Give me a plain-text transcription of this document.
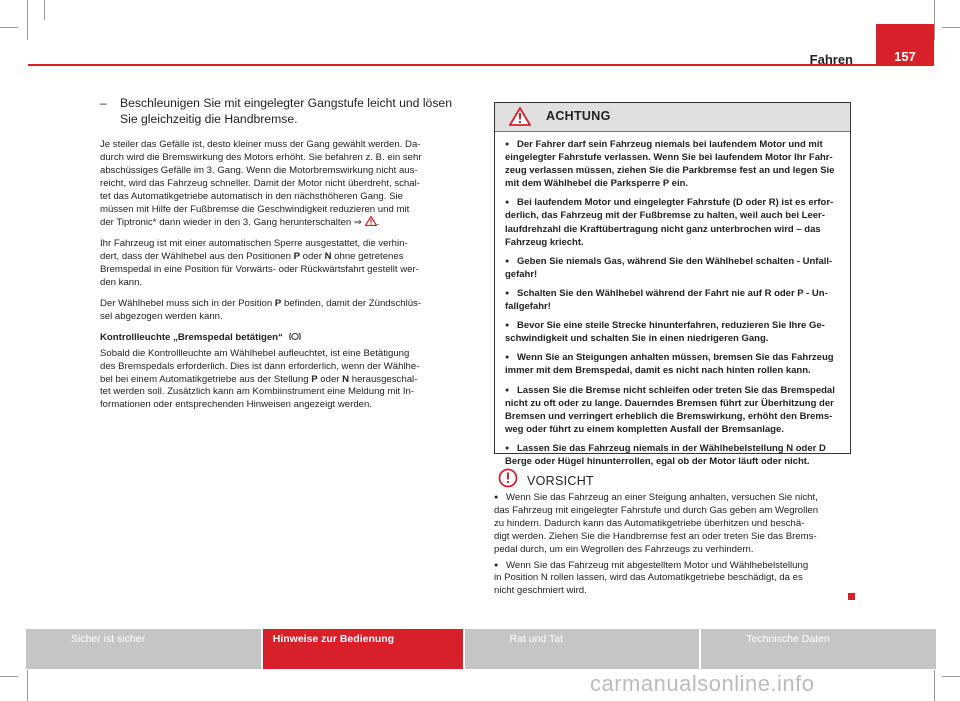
Fahren	157
–	Beschleunigen Sie mit eingelegter Gangstufe leicht und lösen
Sie gleichzeitig die Handbremse.

Je steiler das Gefälle ist, desto kleiner muss der Gang gewählt werden. Da-

durch wird die Bremswirkung des Motors erhöht. Sie befahren z. B. ein sehr

abschüssiges Gefälle im 3. Gang. Wenn die Motorbremswirkung nicht aus-

reicht, wird das Fahrzeug schneller. Damit der Motor nicht überdreht, schal-

tet das Automatikgetriebe automatisch in den nächsthöheren Gang. Sie

müssen mit Hilfe der Fußbremse die Geschwindigkeit reduzieren und mit

der Tiptronic* dann wieder in den 3. Gang herunterschalten ⇒ .

Ihr Fahrzeug ist mit einer automatischen Sperre ausgestattet, die verhin-

dert, dass der Wählhebel aus den Positionen P oder N ohne getretenes

Bremspedal in eine Position für Vorwärts- oder Rückwärtsfahrt gestellt wer-

den kann.

Der Wählhebel muss sich in der Position P befinden, damit der Zündschlüs-

sel abgezogen werden kann.

Kontrollleuchte „Bremspedal betätigen“

Sobald die Kontrollleuchte am Wählhebel aufleuchtet, ist eine Betätigung

des Bremspedals erforderlich. Dies ist dann erforderlich, wenn der Wählhe-

bel bei einem Automatikgetriebe aus der Stellung P oder N herausgeschal-

tet werden soll. Zusätzlich kann am Kombiinstrument eine Meldung mit In-

formationen oder entsprechenden Hinweisen angezeigt werden.

ACHTUNG

● Der Fahrer darf sein Fahrzeug niemals bei laufendem Motor und mit

eingelegter Fahrstufe verlassen. Wenn Sie bei laufendem Motor Ihr Fahr-

zeug verlassen müssen, ziehen Sie die Parkbremse fest an und legen Sie

mit dem Wählhebel die Parksperre P ein.

● Bei laufendem Motor und eingelegter Fahrstufe (D oder R) ist es erfor-

derlich, das Fahrzeug mit der Fußbremse zu halten, weil auch bei Leer-

laufdrehzahl die Kraftübertragung nicht ganz unterbrochen wird – das

Fahrzeug kriecht.

● Geben Sie niemals Gas, während Sie den Wählhebel schalten - Unfall-

gefahr!

● Schalten Sie den Wählhebel während der Fahrt nie auf R oder P - Un-

fallgefahr!

● Bevor Sie eine steile Strecke hinunterfahren, reduzieren Sie Ihre Ge-

schwindigkeit und schalten Sie in einen niedrigeren Gang.

● Wenn Sie an Steigungen anhalten müssen, bremsen Sie das Fahrzeug

immer mit dem Bremspedal, damit es nicht nach hinten rollen kann.

● Lassen Sie die Bremse nicht schleifen oder treten Sie das Bremspedal

nicht zu oft oder zu lange. Dauerndes Bremsen führt zur Überhitzung der

Bremsen und verringert erheblich die Bremswirkung, erhöht den Brems-

weg oder führt zu einem kompletten Ausfall der Bremsanlage.

● Lassen Sie das Fahrzeug niemals in der Wählhebelstellung N oder D

Berge oder Hügel hinunterrollen, egal ob der Motor läuft oder nicht.

VORSICHT

● Wenn Sie das Fahrzeug an einer Steigung anhalten, versuchen Sie nicht,

das Fahrzeug mit eingelegter Fahrstufe und durch Gas geben am Wegrollen

zu hindern. Dadurch kann das Automatikgetriebe überhitzen und beschä-

digt werden. Ziehen Sie die Handbremse fest an oder treten Sie das Brems-

pedal durch, um ein Wegrollen des Fahrzeugs zu verhindern.

● Wenn Sie das Fahrzeug mit abgestelltem Motor und Wählhebelstellung

in Position N rollen lassen, wird das Automatikgetriebe beschädigt, da es

nicht geschmiert wird.

Sicher ist sicher	Hinweise zur Bedienung	Rat und Tat	Technische Daten
carmanualsonline.info
